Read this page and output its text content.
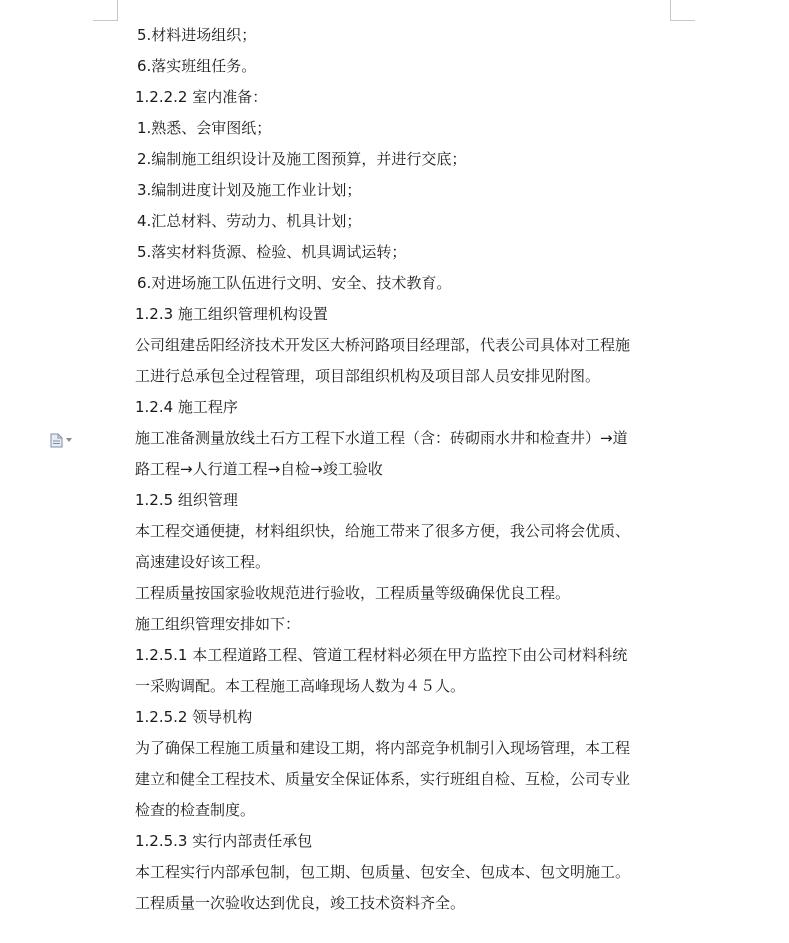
5.材料进场组织；
6.落实班组任务。
1.2.2.2 室内准备：
1.熟悉、会审图纸；
2.编制施工组织设计及施工图预算，并进行交底；
3.编制进度计划及施工作业计划；
4.汇总材料、劳动力、机具计划；
5.落实材料货源、检验、机具调试运转；
6.对进场施工队伍进行文明、安全、技术教育。
1.2.3 施工组织管理机构设置
公司组建岳阳经济技术开发区大桥河路项目经理部，代表公司具体对工程施
工进行总承包全过程管理，项目部组织机构及项目部人员安排见附图。
1.2.4 施工程序
施工准备测量放线土石方工程下水道工程（含：砖砌雨水井和检查井）→道
路工程→人行道工程→自检→竣工验收
1.2.5 组织管理
本工程交通便捷，材料组织快，给施工带来了很多方便，我公司将会优质、
高速建设好该工程。
工程质量按国家验收规范进行验收，工程质量等级确保优良工程。
施工组织管理安排如下：
1.2.5.1 本工程道路工程、管道工程材料必须在甲方监控下由公司材料科统
一采购调配。本工程施工高峰现场人数为４５人。
1.2.5.2 领导机构
为了确保工程施工质量和建设工期，将内部竞争机制引入现场管理，本工程
建立和健全工程技术、质量安全保证体系，实行班组自检、互检，公司专业
检查的检查制度。
1.2.5.3 实行内部责任承包
本工程实行内部承包制，包工期、包质量、包安全、包成本、包文明施工。
工程质量一次验收达到优良，竣工技术资料齐全。
